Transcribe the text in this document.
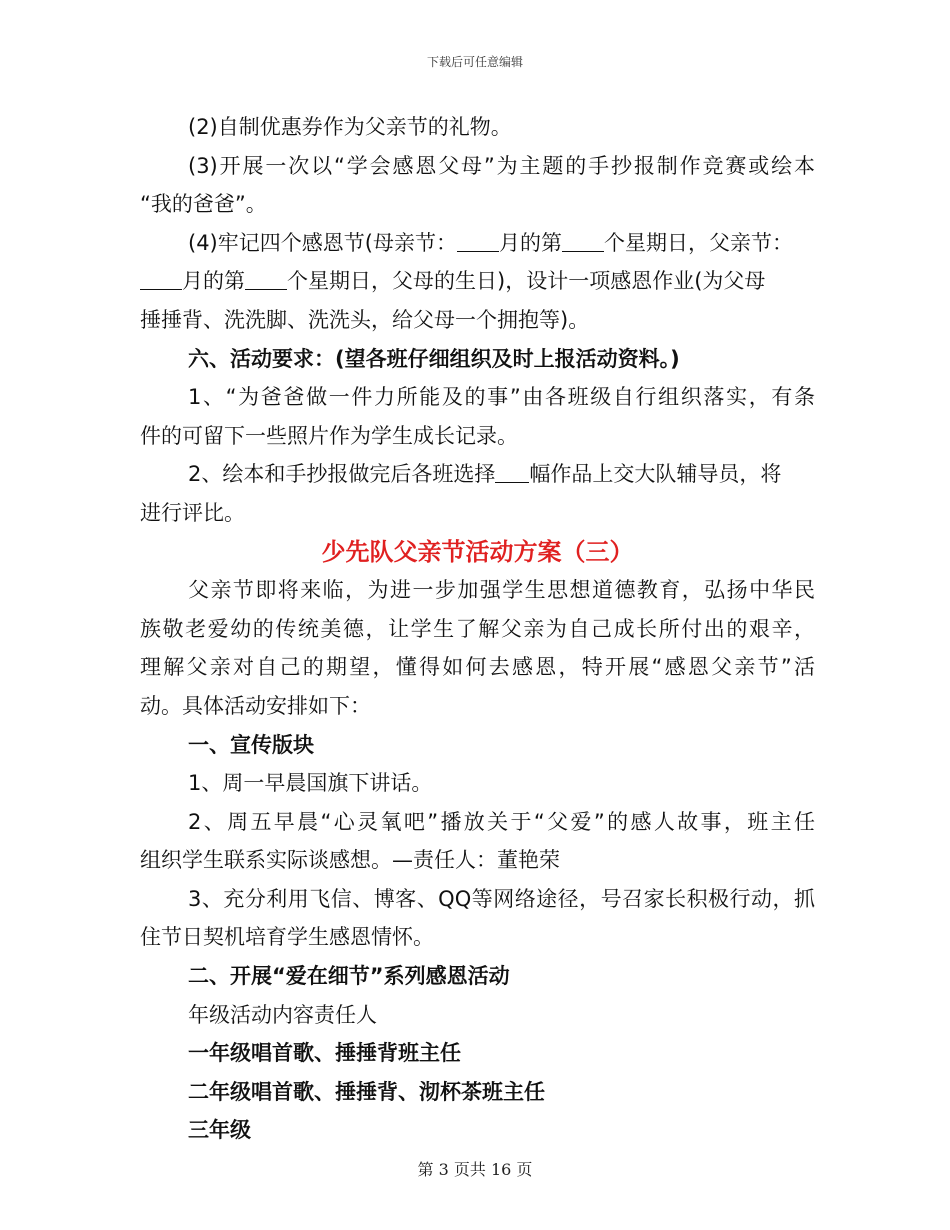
下载后可任意编辑
(2)自制优惠券作为父亲节的礼物。
(3)开展一次以“学会感恩父母”为主题的手抄报制作竞赛或绘本
“我的爸爸”。
(4)牢记四个感恩节(母亲节： 月的第 个星期日，父亲节：
月的第 个星期日，父母的生日)，设计一项感恩作业(为父母
捶捶背、洗洗脚、洗洗头，给父母一个拥抱等)。
六、活动要求：(望各班仔细组织及时上报活动资料。)
1、“为爸爸做一件力所能及的事”由各班级自行组织落实，有条
件的可留下一些照片作为学生成长记录。
2、绘本和手抄报做完后各班选择 幅作品上交大队辅导员，将
进行评比。
少先队父亲节活动方案（三）
父亲节即将来临，为进一步加强学生思想道德教育，弘扬中华民
族敬老爱幼的传统美德，让学生了解父亲为自己成长所付出的艰辛，
理解父亲对自己的期望，懂得如何去感恩，特开展“感恩父亲节”活
动。具体活动安排如下：
一、宣传版块
1、周一早晨国旗下讲话。
2、周五早晨“心灵氧吧”播放关于“父爱”的感人故事，班主任
组织学生联系实际谈感想。—责任人：董艳荣
3、充分利用飞信、博客、QQ等网络途径，号召家长积极行动，抓
住节日契机培育学生感恩情怀。
二、开展“爱在细节”系列感恩活动
年级活动内容责任人
一年级唱首歌、捶捶背班主任
二年级唱首歌、捶捶背、沏杯茶班主任
三年级
第 3 页共 16 页
